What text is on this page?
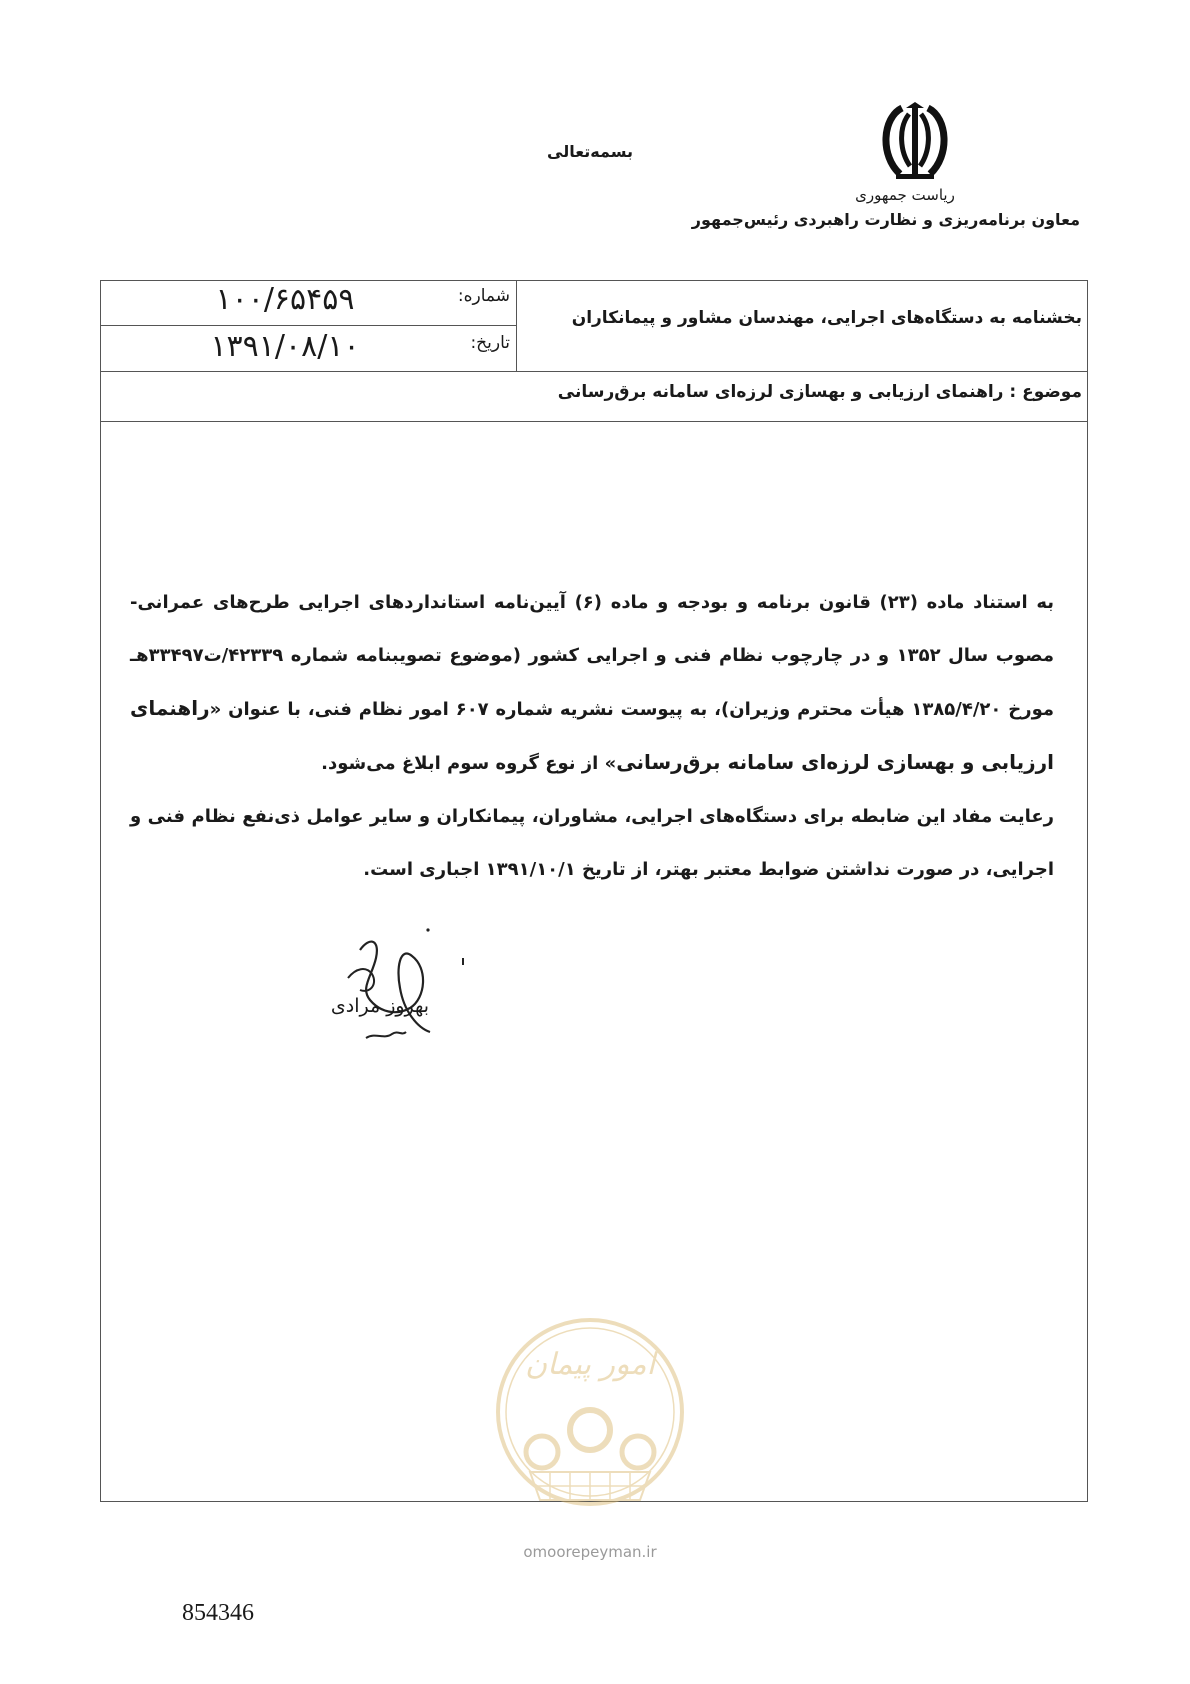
ریاست جمهوری
معاون برنامه‌ریزی و نظارت راهبردی رئیس‌جمهور
بسمه‌تعالی
شماره:
۱۰۰/۶۵۴۵۹
تاریخ:
۱۳۹۱/۰۸/۱۰
بخشنامه به دستگاه‌های اجرایی، مهندسان مشاور و پیمانکاران
موضوع : راهنمای ارزیابی و بهسازی لرزه‌ای سامانه برق‌رسانی

به استناد ماده (۲۳) قانون برنامه و بودجه و ماده (۶) آیین‌نامه استانداردهای اجرایی طرح‌های عمرانی- مصوب سال ۱۳۵۲ و در چارچوب نظام فنی و اجرایی کشور (موضوع تصویبنامه شماره ۴۲۳۳۹/ت۳۳۴۹۷هـ مورخ ۱۳۸۵/۴/۲۰ هیأت محترم وزیران)، به پیوست نشریه شماره ۶۰۷ امور نظام فنی، با عنوان «راهنمای ارزیابی و بهسازی لرزه‌ای سامانه برق‌رسانی» از نوع گروه سوم ابلاغ می‌شود.

رعایت مفاد این ضابطه برای دستگاه‌های اجرایی، مشاوران، پیمانکاران و سایر عوامل ذی‌نفع نظام فنی و اجرایی، در صورت نداشتن ضوابط معتبر بهتر، از تاریخ ۱۳۹۱/۱۰/۱ اجباری است.

بهروز مرادی
امور پیمان
omoorepeyman.ir
854346
